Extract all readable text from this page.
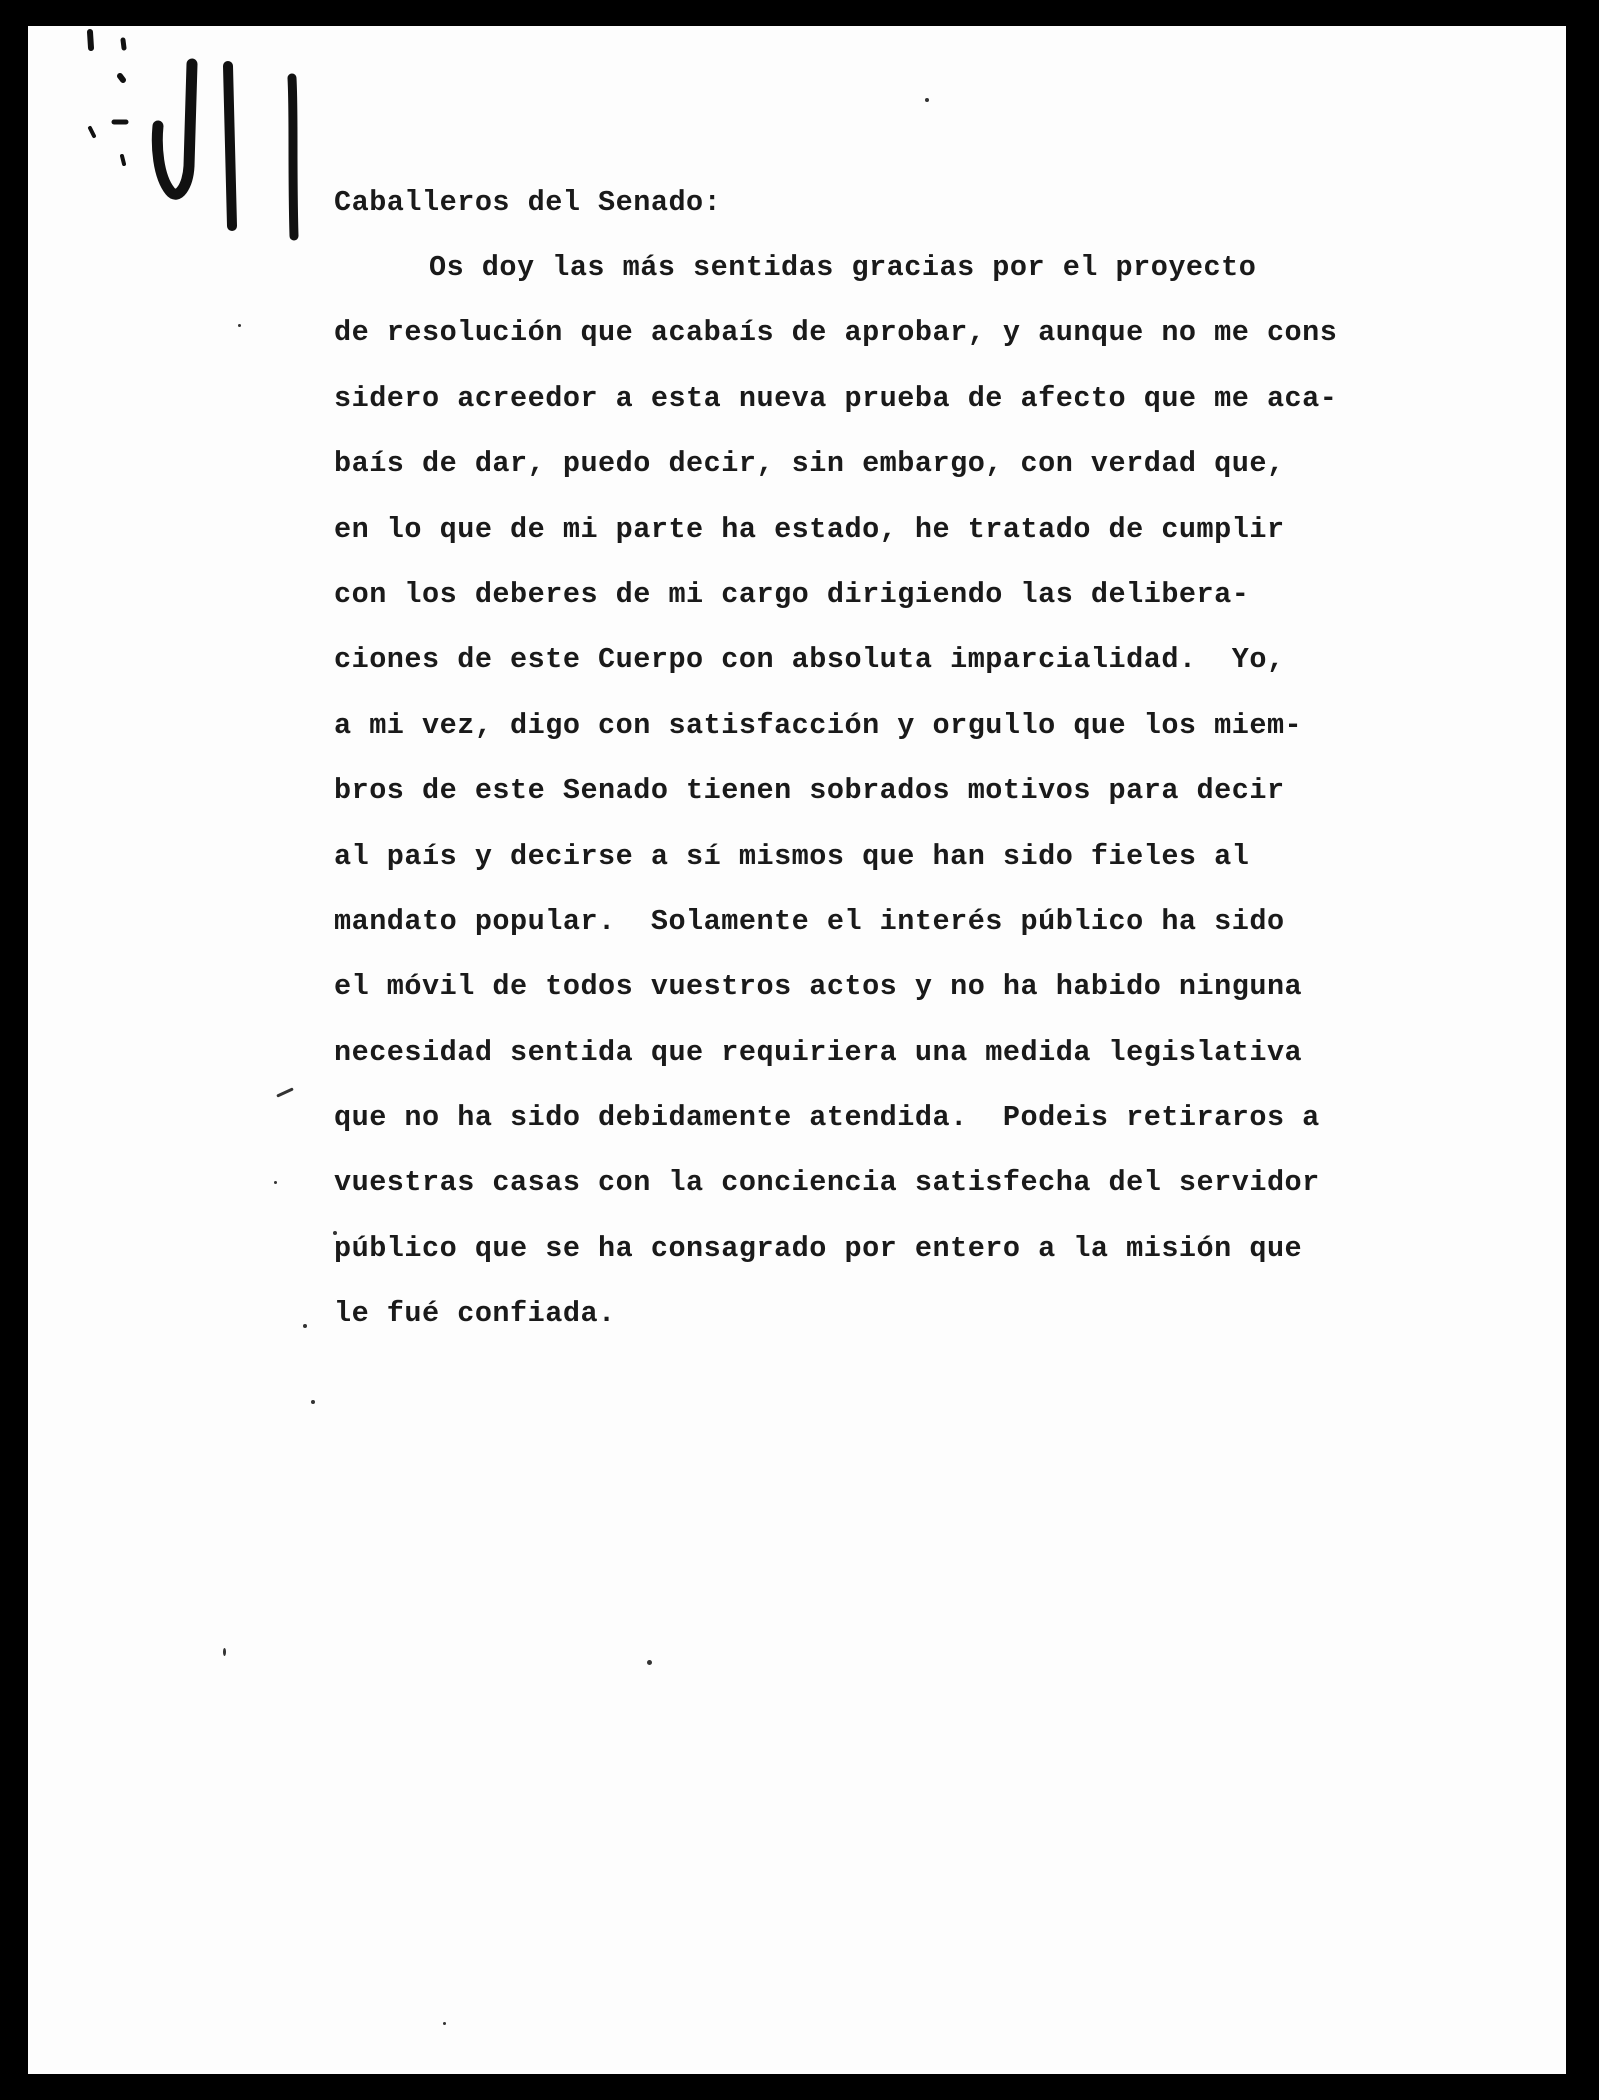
Caballeros del Senado:

Os doy las más sentidas gracias por el proyecto

de resolución que acabaís de aprobar, y aunque no me cons

sidero acreedor a esta nueva prueba de afecto que me aca-

baís de dar, puedo decir, sin embargo, con verdad que,

en lo que de mi parte ha estado, he tratado de cumplir

con los deberes de mi cargo dirigiendo las delibera-

ciones de este Cuerpo con absoluta imparcialidad.  Yo,

a mi vez, digo con satisfacción y orgullo que los miem-

bros de este Senado tienen sobrados motivos para decir

al país y decirse a sí mismos que han sido fieles al

mandato popular.  Solamente el interés público ha sido

el móvil de todos vuestros actos y no ha habido ninguna

necesidad sentida que requiriera una medida legislativa

que no ha sido debidamente atendida.  Podeis retiraros a

vuestras casas con la conciencia satisfecha del servidor

público que se ha consagrado por entero a la misión que

le fué confiada.
